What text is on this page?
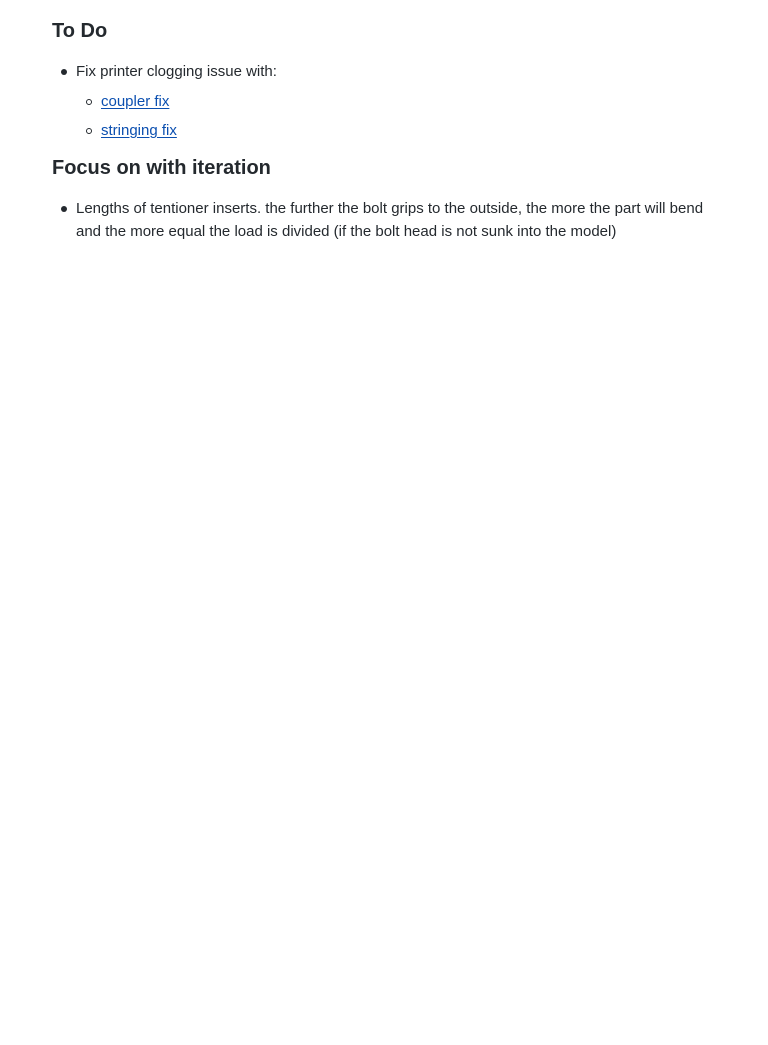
To Do
Fix printer clogging issue with:
coupler fix
stringing fix
Focus on with iteration
Lengths of tentioner inserts. the further the bolt grips to the outside, the more the part will bend and the more equal the load is divided (if the bolt head is not sunk into the model)
